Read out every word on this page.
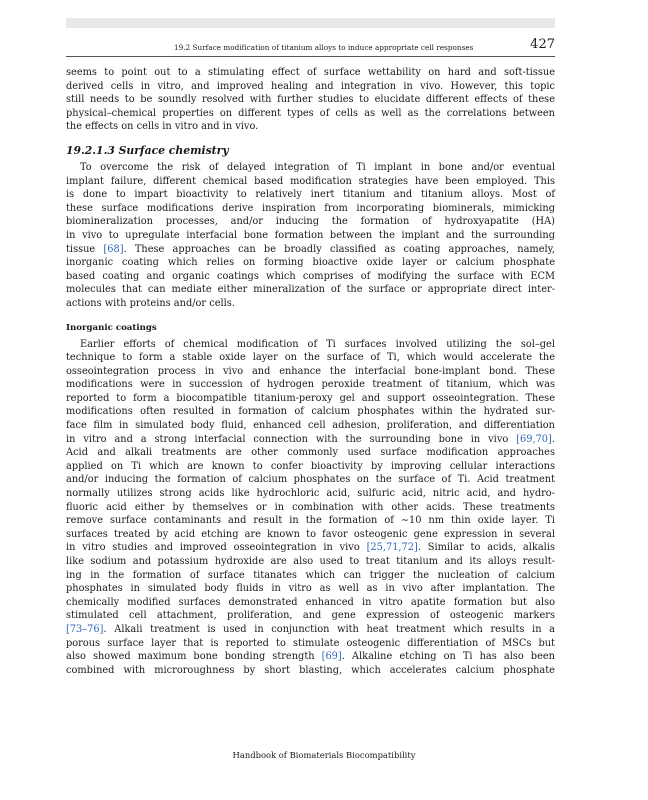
19.2 Surface modification of titanium alloys to induce appropriate cell responses	427
seems to point out to a stimulating effect of surface wettability on hard and soft-tissue
derived cells in vitro, and improved healing and integration in vivo. However, this topic
still needs to be soundly resolved with further studies to elucidate different effects of these
physical–chemical properties on different types of cells as well as the correlations between
the effects on cells in vitro and in vivo.
19.2.1.3 Surface chemistry
To overcome the risk of delayed integration of Ti implant in bone and/or eventual
implant failure, different chemical based modification strategies have been employed. This
is done to impart bioactivity to relatively inert titanium and titanium alloys. Most of
these surface modifications derive inspiration from incorporating biominerals, mimicking
biomineralization processes, and/or inducing the formation of hydroxyapatite (HA)
in vivo to upregulate interfacial bone formation between the implant and the surrounding
tissue [68]. These approaches can be broadly classified as coating approaches, namely,
inorganic coating which relies on forming bioactive oxide layer or calcium phosphate
based coating and organic coatings which comprises of modifying the surface with ECM
molecules that can mediate either mineralization of the surface or appropriate direct inter-
actions with proteins and/or cells.
Inorganic coatings
Earlier efforts of chemical modification of Ti surfaces involved utilizing the sol–gel
technique to form a stable oxide layer on the surface of Ti, which would accelerate the
osseointegration process in vivo and enhance the interfacial bone-implant bond. These
modifications were in succession of hydrogen peroxide treatment of titanium, which was
reported to form a biocompatible titanium-peroxy gel and support osseointegration. These
modifications often resulted in formation of calcium phosphates within the hydrated sur-
face film in simulated body fluid, enhanced cell adhesion, proliferation, and differentiation
in vitro and a strong interfacial connection with the surrounding bone in vivo [69,70].
Acid and alkali treatments are other commonly used surface modification approaches
applied on Ti which are known to confer bioactivity by improving cellular interactions
and/or inducing the formation of calcium phosphates on the surface of Ti. Acid treatment
normally utilizes strong acids like hydrochloric acid, sulfuric acid, nitric acid, and hydro-
fluoric acid either by themselves or in combination with other acids. These treatments
remove surface contaminants and result in the formation of ∼10 nm thin oxide layer. Ti
surfaces treated by acid etching are known to favor osteogenic gene expression in several
in vitro studies and improved osseointegration in vivo [25,71,72]. Similar to acids, alkalis
like sodium and potassium hydroxide are also used to treat titanium and its alloys result-
ing in the formation of surface titanates which can trigger the nucleation of calcium
phosphates in simulated body fluids in vitro as well as in vivo after implantation. The
chemically modified surfaces demonstrated enhanced in vitro apatite formation but also
stimulated cell attachment, proliferation, and gene expression of osteogenic markers
[73–76]. Alkali treatment is used in conjunction with heat treatment which results in a
porous surface layer that is reported to stimulate osteogenic differentiation of MSCs but
also showed maximum bone bonding strength [69]. Alkaline etching on Ti has also been
combined with microroughness by short blasting, which accelerates calcium phosphate
Handbook of Biomaterials Biocompatibility
